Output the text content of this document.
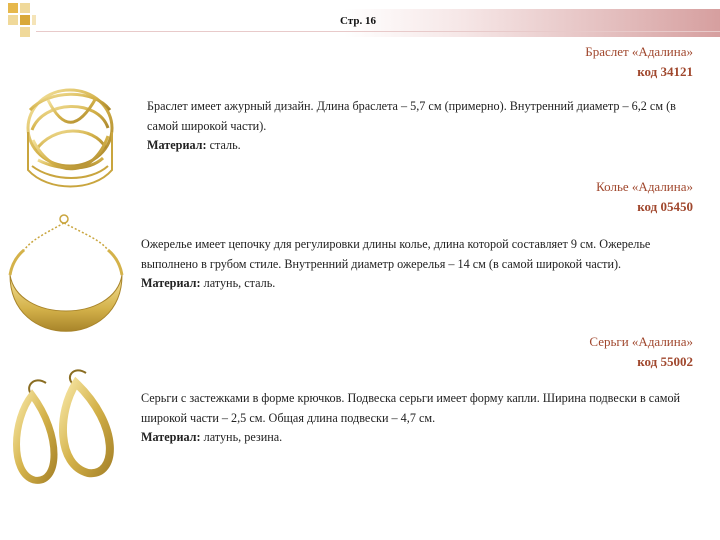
Стр. 16
Браслет «Адалина»
код 34121
Браслет имеет ажурный дизайн. Длина браслета – 5,7 см (примерно). Внутренний диаметр – 6,2 см (в самой широкой части).
Материал: сталь.
Колье «Адалина»
код 05450
Ожерелье имеет цепочку для регулировки длины колье, длина которой составляет 9 см. Ожерелье выполнено в грубом стиле. Внутренний диаметр ожерелья – 14 см (в самой широкой части).
Материал: латунь, сталь.
Серьги «Адалина»
код 55002
Серьги с застежками в форме крючков. Подвеска серьги имеет форму капли. Ширина подвески в самой широкой части – 2,5 см. Общая длина подвески – 4,7 см.
Материал: латунь, резина.
